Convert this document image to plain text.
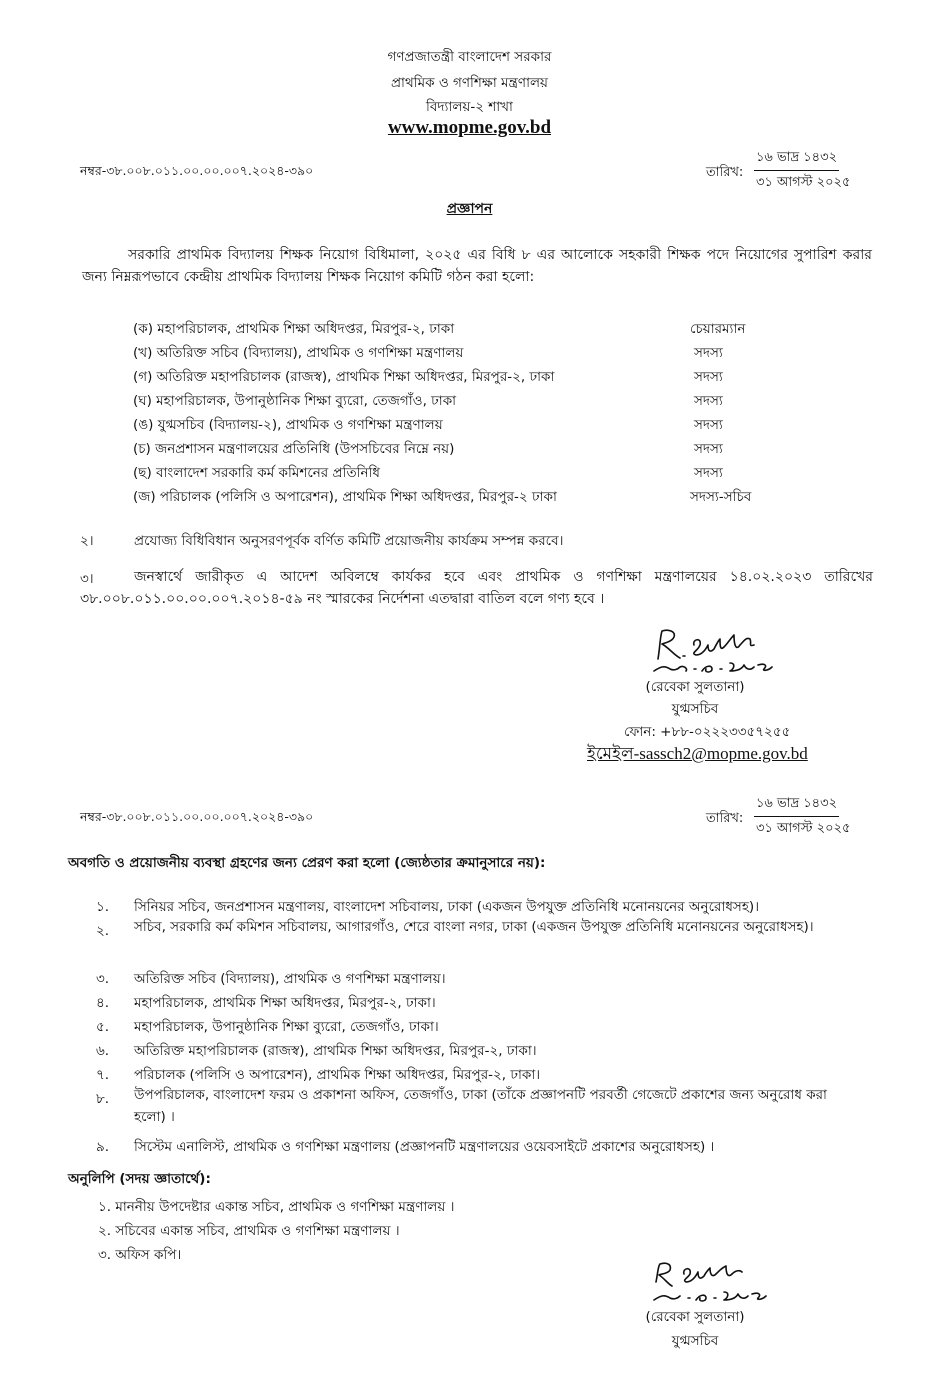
গণপ্রজাতন্ত্রী বাংলাদেশ সরকার
প্রাথমিক ও গণশিক্ষা মন্ত্রণালয়
বিদ্যালয়-২ শাখা
www.mopme.gov.bd
নম্বর-৩৮.০০৮.০১১.০০.০০.০০৭.২০২৪-৩৯০	তারিখ:
১৬ ভাদ্র ১৪৩২
৩১ আগস্ট ২০২৫
প্রজ্ঞাপন
সরকারি প্রাথমিক বিদ্যালয় শিক্ষক নিয়োগ বিধিমালা, ২০২৫ এর বিধি ৮ এর আলোকে সহকারী শিক্ষক পদে নিয়োগের সুপারিশ করার জন্য নিম্নরূপভাবে কেন্দ্রীয় প্রাথমিক বিদ্যালয় শিক্ষক নিয়োগ কমিটি গঠন করা হলো:
(ক) মহাপরিচালক, প্রাথমিক শিক্ষা অধিদপ্তর, মিরপুর-২, ঢাকা	চেয়ারম্যান
(খ) অতিরিক্ত সচিব (বিদ্যালয়), প্রাথমিক ও গণশিক্ষা মন্ত্রণালয়	সদস্য
(গ) অতিরিক্ত মহাপরিচালক (রাজস্ব), প্রাথমিক শিক্ষা অধিদপ্তর, মিরপুর-২, ঢাকা	সদস্য
(ঘ) মহাপরিচালক, উপানুষ্ঠানিক শিক্ষা ব্যুরো, তেজগাঁও, ঢাকা	সদস্য
(ঙ) যুগ্মসচিব (বিদ্যালয়-২), প্রাথমিক ও গণশিক্ষা মন্ত্রণালয়	সদস্য
(চ) জনপ্রশাসন মন্ত্রণালয়ের প্রতিনিধি (উপসচিবের নিম্নে নয়)	সদস্য
(ছ) বাংলাদেশ সরকারি কর্ম কমিশনের প্রতিনিধি	সদস্য
(জ) পরিচালক (পলিসি ও অপারেশন), প্রাথমিক শিক্ষা অধিদপ্তর, মিরপুর-২ ঢাকা	সদস্য-সচিব
২।	প্রযোজ্য বিধিবিধান অনুসরণপূর্বক বর্ণিত কমিটি প্রয়োজনীয় কার্যক্রম সম্পন্ন করবে।
৩।	জনস্বার্থে জারীকৃত এ আদেশ অবিলম্বে কার্যকর হবে এবং প্রাথমিক ও গণশিক্ষা মন্ত্রণালয়ের ১৪.০২.২০২৩ তারিখের ৩৮.০০৮.০১১.০০.০০.০০৭.২০১৪-৫৯ নং স্মারকের নির্দেশনা এতদ্বারা বাতিল বলে গণ্য হবে ।
(রেবেকা সুলতানা)
যুগ্মসচিব
ফোন: +৮৮-০২২২৩৩৫৭২৫৫
ইমেইল-sassch2@mopme.gov.bd
নম্বর-৩৮.০০৮.০১১.০০.০০.০০৭.২০২৪-৩৯০	তারিখ:
১৬ ভাদ্র ১৪৩২
৩১ আগস্ট ২০২৫
অবগতি ও প্রয়োজনীয় ব্যবস্থা গ্রহণের জন্য প্রেরণ করা হলো (জ্যেষ্ঠতার ক্রমানুসারে নয়):
১. সিনিয়র সচিব, জনপ্রশাসন মন্ত্রণালয়, বাংলাদেশ সচিবালয়, ঢাকা (একজন উপযুক্ত প্রতিনিধি মনোনয়নের অনুরোধসহ)।
২. সচিব, সরকারি কর্ম কমিশন সচিবালয়, আগারগাঁও, শেরে বাংলা নগর, ঢাকা (একজন উপযুক্ত প্রতিনিধি মনোনয়নের অনুরোধসহ)।
৩. অতিরিক্ত সচিব (বিদ্যালয়), প্রাথমিক ও গণশিক্ষা মন্ত্রণালয়।
৪. মহাপরিচালক, প্রাথমিক শিক্ষা অধিদপ্তর, মিরপুর-২, ঢাকা।
৫. মহাপরিচালক, উপানুষ্ঠানিক শিক্ষা ব্যুরো, তেজগাঁও, ঢাকা।
৬. অতিরিক্ত মহাপরিচালক (রাজস্ব), প্রাথমিক শিক্ষা অধিদপ্তর, মিরপুর-২, ঢাকা।
৭. পরিচালক (পলিসি ও অপারেশন), প্রাথমিক শিক্ষা অধিদপ্তর, মিরপুর-২, ঢাকা।
৮. উপপরিচালক, বাংলাদেশ ফরম ও প্রকাশনা অফিস, তেজগাঁও, ঢাকা (তাঁকে প্রজ্ঞাপনটি পরবর্তী গেজেটে প্রকাশের জন্য অনুরোধ করা হলো) ।
৯. সিস্টেম এনালিস্ট, প্রাথমিক ও গণশিক্ষা মন্ত্রণালয় (প্রজ্ঞাপনটি মন্ত্রণালয়ের ওয়েবসাইটে প্রকাশের অনুরোধসহ) ।
অনুলিপি (সদয় জ্ঞাতার্থে):
১. মাননীয় উপদেষ্টার একান্ত সচিব, প্রাথমিক ও গণশিক্ষা মন্ত্রণালয় ।
২. সচিবের একান্ত সচিব, প্রাথমিক ও গণশিক্ষা মন্ত্রণালয় ।
৩. অফিস কপি।
(রেবেকা সুলতানা)
যুগ্মসচিব
